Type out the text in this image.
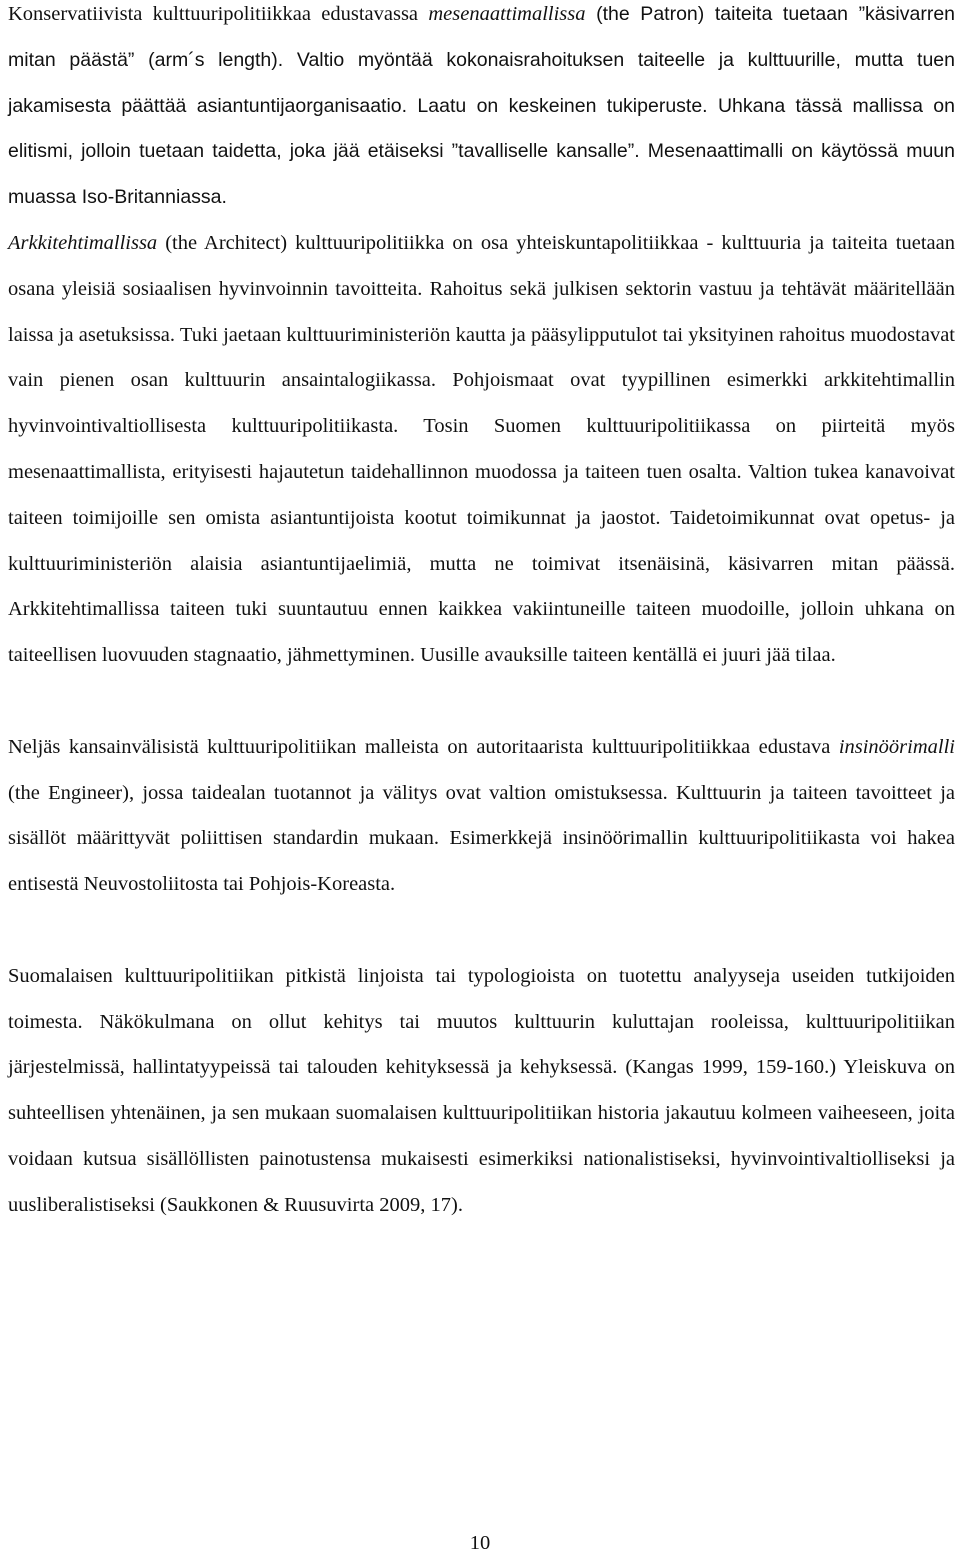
Konservatiivista kulttuuripolitiikkaa edustavassa mesenaattimallissa (the Patron) taiteita tuetaan ”käsivarren mitan päästä” (arm´s length). Valtio myöntää kokonaisrahoituksen taiteelle ja kulttuurille, mutta tuen jakamisesta päättää asiantuntijaorganisaatio. Laatu on keskeinen tukiperuste. Uhkana tässä mallissa on elitismi, jolloin tuetaan taidetta, joka jää etäiseksi ”tavalliselle kansalle”. Mesenaattimalli on käytössä muun muassa Iso-Britanniassa.

Arkkitehtimallissa (the Architect) kulttuuripolitiikka on osa yhteiskuntapolitiikkaa - kulttuuria ja taiteita tuetaan osana yleisiä sosiaalisen hyvinvoinnin tavoitteita. Rahoitus sekä julkisen sektorin vastuu ja tehtävät määritellään laissa ja asetuksissa. Tuki jaetaan kulttuuriministeriön kautta ja pääsylipputulot tai yksityinen rahoitus muodostavat vain pienen osan kulttuurin ansaintalogiikassa. Pohjoismaat ovat tyypillinen esimerkki arkkitehtimallin hyvinvointivaltiollisesta kulttuuripolitiikasta. Tosin Suomen kulttuuripolitiikassa on piirteitä myös mesenaattimallista, erityisesti hajautetun taidehallinnon muodossa ja taiteen tuen osalta. Valtion tukea kanavoivat taiteen toimijoille sen omista asiantuntijoista kootut toimikunnat ja jaostot. Taidetoimikunnat ovat opetus- ja kulttuuriministeriön alaisia asiantuntijaelimiä, mutta ne toimivat itsenäisinä, käsivarren mitan päässä. Arkkitehtimallissa taiteen tuki suuntautuu ennen kaikkea vakiintuneille taiteen muodoille, jolloin uhkana on taiteellisen luovuuden stagnaatio, jähmettyminen. Uusille avauksille taiteen kentällä ei juuri jää tilaa.

Neljäs kansainvälisistä kulttuuripolitiikan malleista on autoritaarista kulttuuripolitiikkaa edustava insinöörimalli (the Engineer), jossa taidealan tuotannot ja välitys ovat valtion omistuksessa. Kulttuurin ja taiteen tavoitteet ja sisällöt määrittyvät poliittisen standardin mukaan. Esimerkkejä insinöörimallin kulttuuripolitiikasta voi hakea entisestä Neuvostoliitosta tai Pohjois-Koreasta.

Suomalaisen kulttuuripolitiikan pitkistä linjoista tai typologioista on tuotettu analyyseja useiden tutkijoiden toimesta. Näkökulmana on ollut kehitys tai muutos kulttuurin kuluttajan rooleissa, kulttuuripolitiikan järjestelmissä, hallintatyypeissä tai talouden kehityksessä ja kehyksessä. (Kangas 1999, 159-160.) Yleiskuva on suhteellisen yhtenäinen, ja sen mukaan suomalaisen kulttuuripolitiikan historia jakautuu kolmeen vaiheeseen, joita voidaan kutsua sisällöllisten painotustensa mukaisesti esimerkiksi nationalistiseksi, hyvinvointivaltiolliseksi ja uusliberalistiseksi (Saukkonen & Ruusuvirta 2009, 17).

10
